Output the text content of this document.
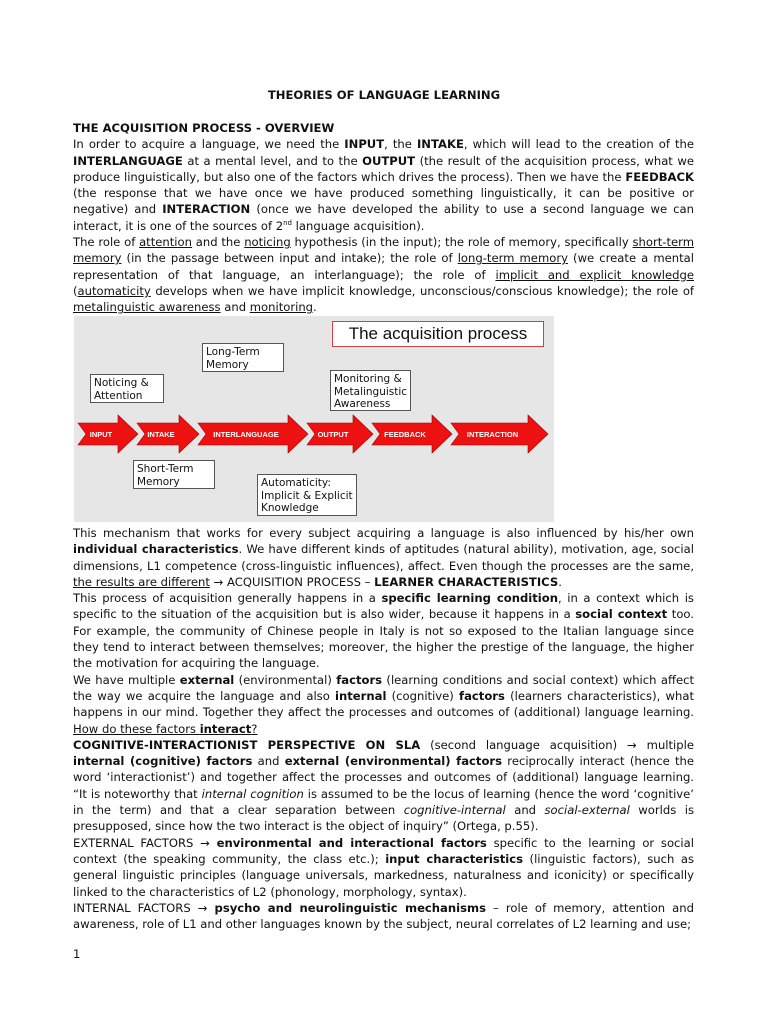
THEORIES OF LANGUAGE LEARNING

THE ACQUISITION PROCESS - OVERVIEW

In order to acquire a language, we need the INPUT, the INTAKE, which will lead to the creation of the INTERLANGUAGE at a mental level, and to the OUTPUT (the result of the acquisition process, what we produce linguistically, but also one of the factors which drives the process). Then we have the FEEDBACK (the response that we have once we have produced something linguistically, it can be positive or negative) and INTERACTION (once we have developed the ability to use a second language we can interact, it is one of the sources of 2nd language acquisition).

The role of attention and the noticing hypothesis (in the input); the role of memory, specifically short-term memory (in the passage between input and intake); the role of long-term memory (we create a mental representation of that language, an interlanguage); the role of implicit and explicit knowledge (automaticity develops when we have implicit knowledge, unconscious/conscious knowledge); the role of metalinguistic awareness and monitoring.

The acquisition process
Long-Term Memory
Noticing & Attention
Monitoring & Metalinguistic Awareness
Short-Term Memory	Automaticity: Implicit & Explicit Knowledge
INPUT	INTAKE	INTERLANGUAGE	OUTPUT	FEEDBACK	INTERACTION

This mechanism that works for every subject acquiring a language is also influenced by his/her own individual characteristics. We have different kinds of aptitudes (natural ability), motivation, age, social dimensions, L1 competence (cross-linguistic influences), affect. Even though the processes are the same, the results are different → ACQUISITION PROCESS – LEARNER CHARACTERISTICS.

This process of acquisition generally happens in a specific learning condition, in a context which is specific to the situation of the acquisition but is also wider, because it happens in a social context too. For example, the community of Chinese people in Italy is not so exposed to the Italian language since they tend to interact between themselves; moreover, the higher the prestige of the language, the higher the motivation for acquiring the language.

We have multiple external (environmental) factors (learning conditions and social context) which affect the way we acquire the language and also internal (cognitive) factors (learners characteristics), what happens in our mind. Together they affect the processes and outcomes of (additional) language learning. How do these factors interact?

COGNITIVE-INTERACTIONIST PERSPECTIVE ON SLA (second language acquisition) → multiple internal (cognitive) factors and external (environmental) factors reciprocally interact (hence the word ‘interactionist’) and together affect the processes and outcomes of (additional) language learning. “It is noteworthy that internal cognition is assumed to be the locus of learning (hence the word ‘cognitive’ in the term) and that a clear separation between cognitive-internal and social-external worlds is presupposed, since how the two interact is the object of inquiry” (Ortega, p.55).

EXTERNAL FACTORS → environmental and interactional factors specific to the learning or social context (the speaking community, the class etc.); input characteristics (linguistic factors), such as general linguistic principles (language universals, markedness, naturalness and iconicity) or specifically linked to the characteristics of L2 (phonology, morphology, syntax).

INTERNAL FACTORS → psycho and neurolinguistic mechanisms – role of memory, attention and awareness, role of L1 and other languages known by the subject, neural correlates of L2 learning and use;

1
